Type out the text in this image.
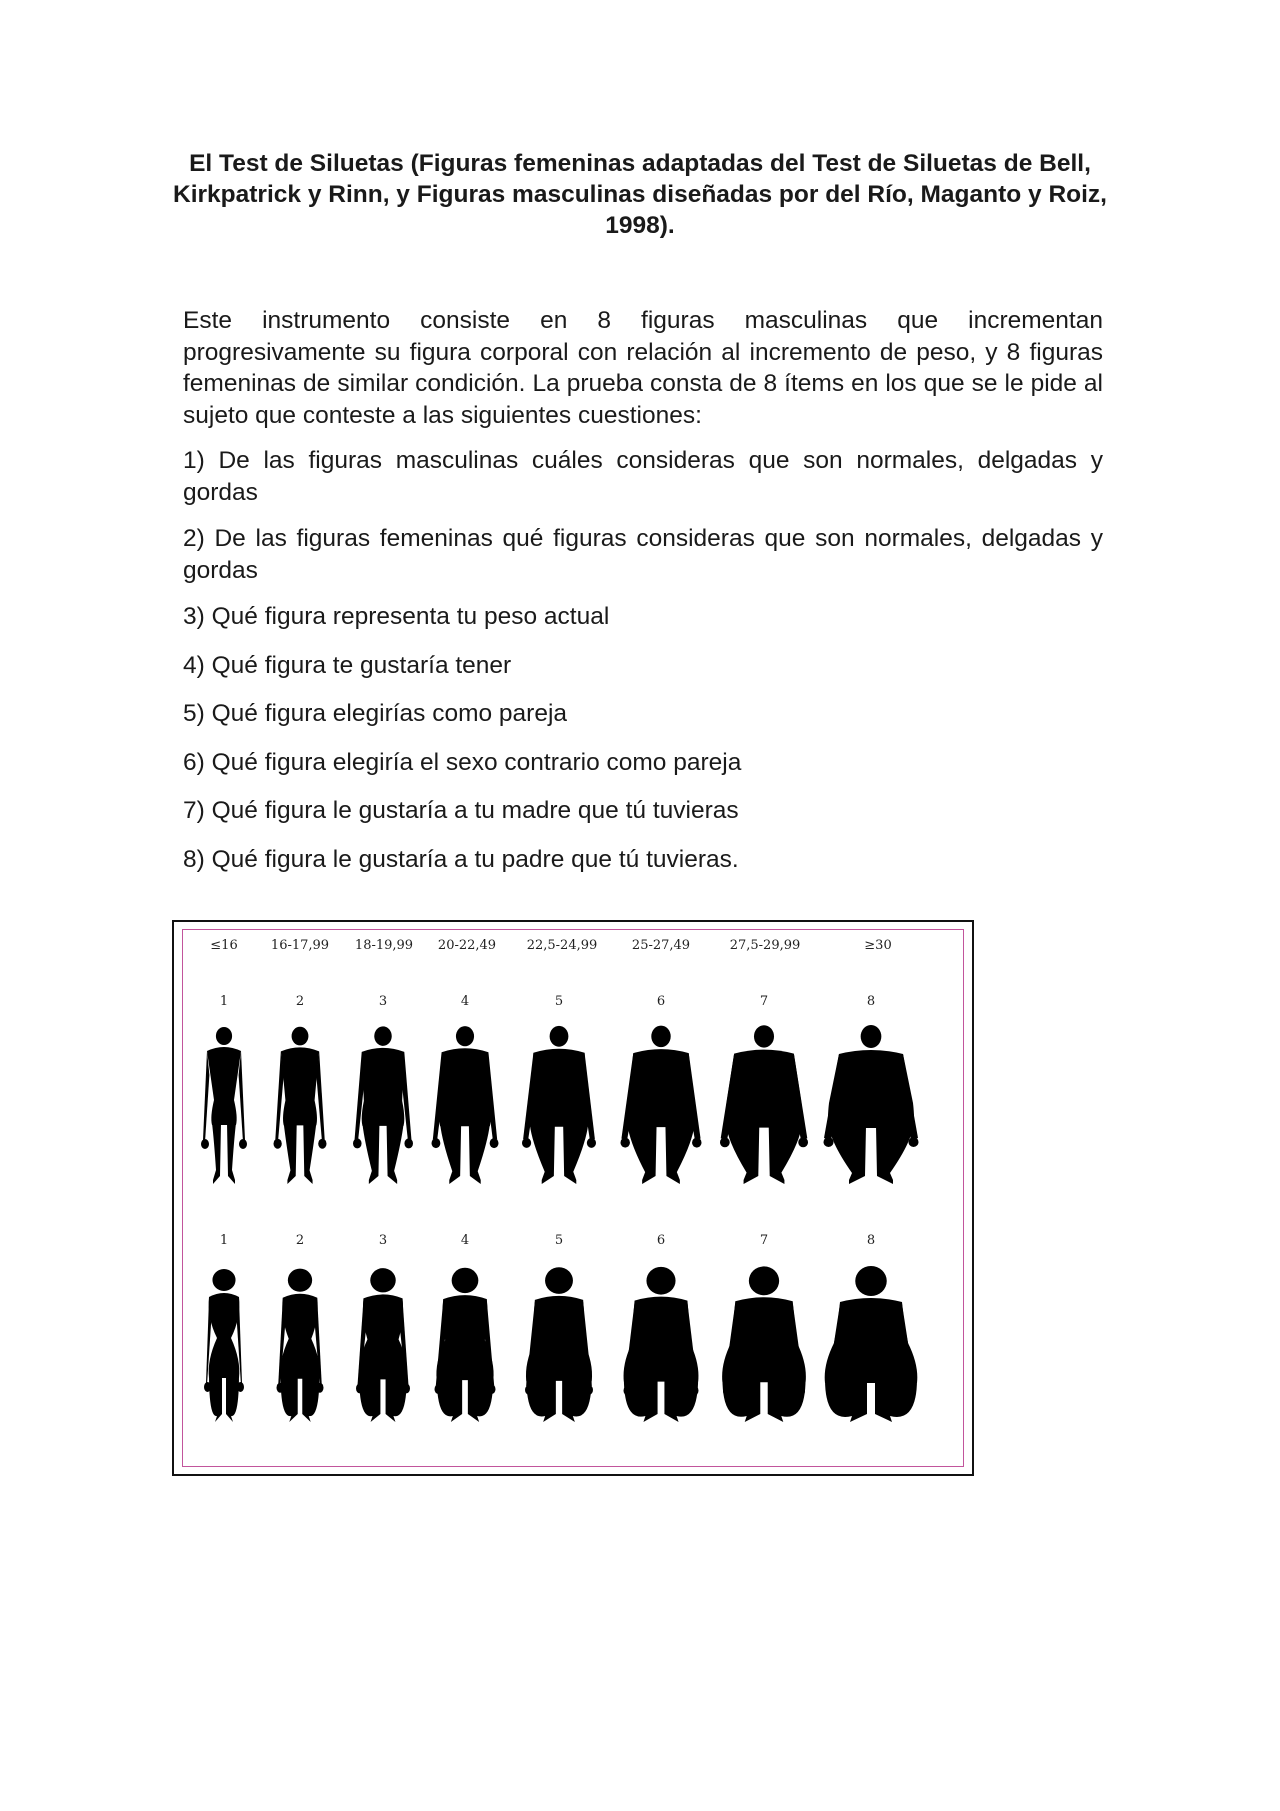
El Test de Siluetas (Figuras femeninas adaptadas del Test de Siluetas de Bell, Kirkpatrick y Rinn, y Figuras masculinas diseñadas por del Río, Maganto y Roiz, 1998).

Este instrumento consiste en 8 figuras masculinas que incrementan progresivamente su figura corporal con relación al incremento de peso, y 8 figuras femeninas de similar condición. La prueba consta de 8 ítems en los que se le pide al sujeto que conteste a las siguientes cuestiones:

1) De las figuras masculinas cuáles consideras que son normales, delgadas y gordas
2) De las figuras femeninas qué figuras consideras que son normales, delgadas y gordas
3) Qué figura representa tu peso actual
4) Qué figura te gustaría tener
5) Qué figura elegirías como pareja
6) Qué figura elegiría el sexo contrario como pareja
7) Qué figura le gustaría a tu madre que tú tuvieras
8) Qué figura le gustaría a tu padre que tú tuvieras.
≤16	16-17,99 18-19,99 20-22,49 22,5-24,99	25-27,49	27,5-29,99	≥30
1	2	3	4	5	6	7	8
1	2	3	4	5	6	7	8
